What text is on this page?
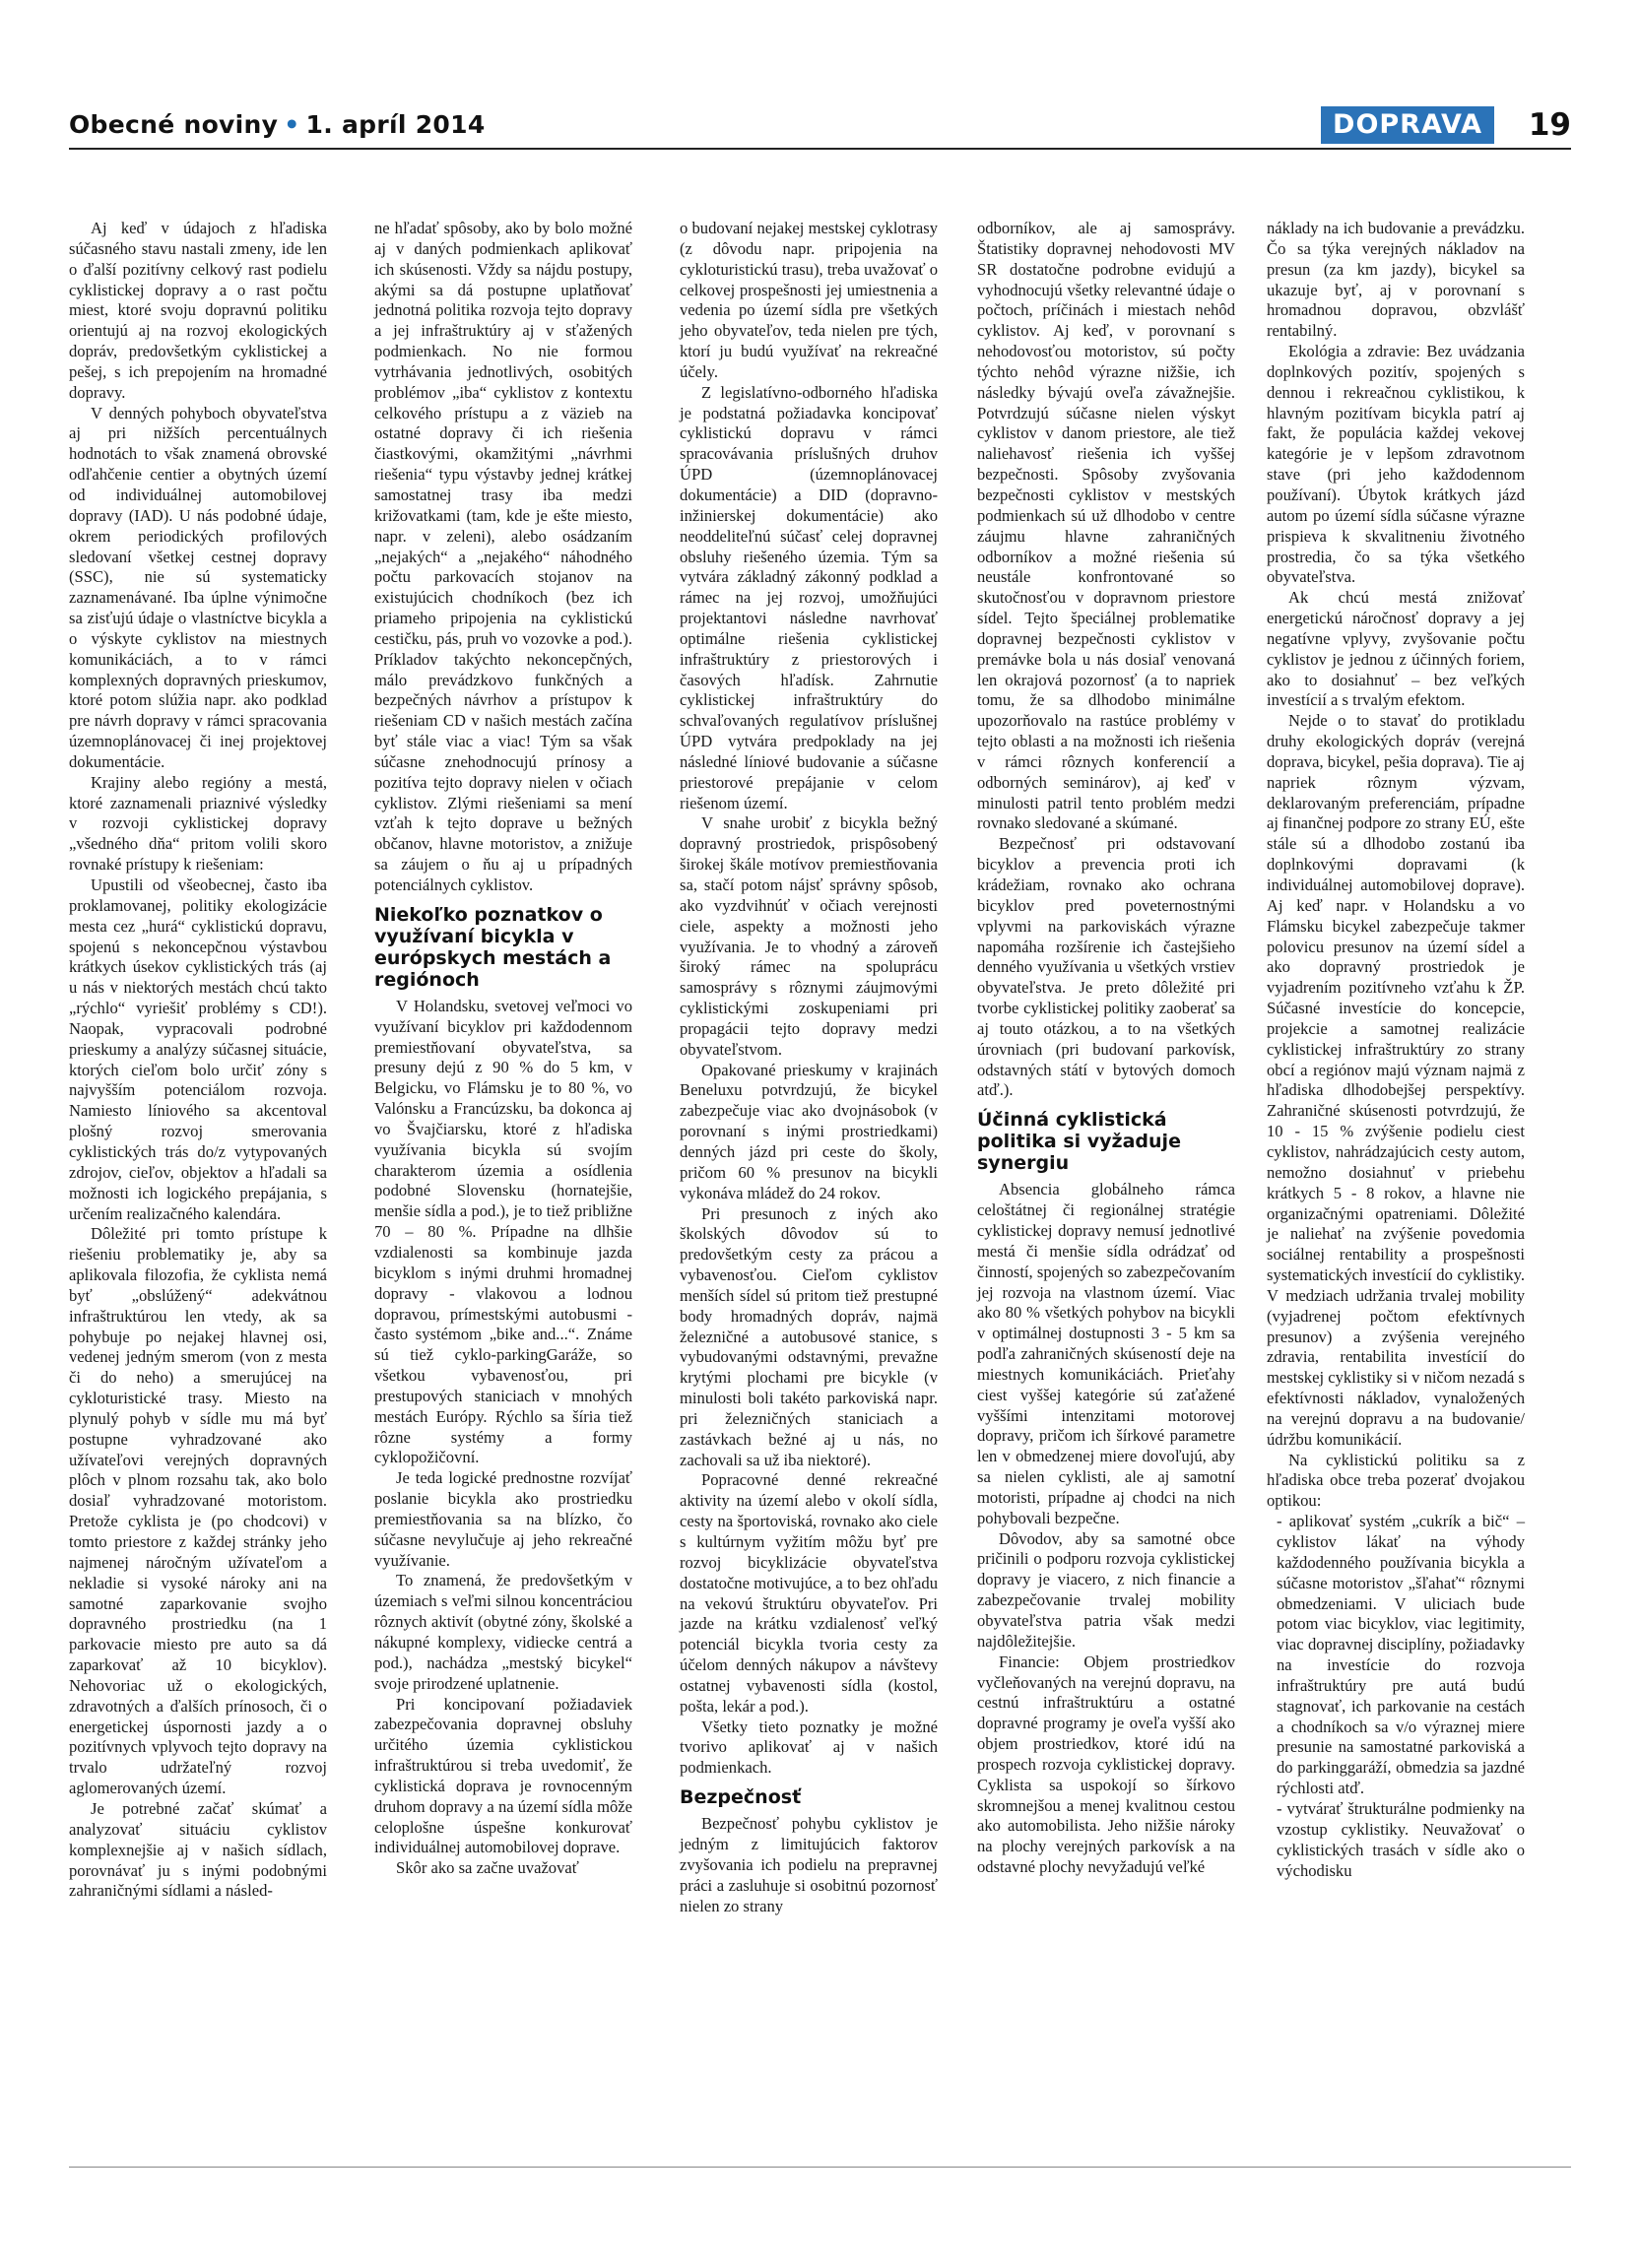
Obecné noviny • 1. apríl 2014	DOPRAVA	19

Aj keď v údajoch z hľadiska súčasného stavu nastali zmeny, ide len o ďalší pozitívny celkový rast podielu cyklistickej dopravy a o rast počtu miest, ktoré svoju dopravnú politiku orientujú aj na rozvoj ekologických dopráv, predovšetkým cyklistickej a pešej, s ich prepojením na hromadné dopravy.

V denných pohyboch obyvateľstva aj pri nižších percentuálnych hodnotách to však znamená obrovské odľahčenie centier a obytných území od individuálnej automobilovej dopravy (IAD). U nás podobné údaje, okrem periodických profilových sledovaní všetkej cestnej dopravy (SSC), nie sú systematicky zaznamenávané. Iba úplne výnimočne sa zisťujú údaje o vlastníctve bicykla a o výskyte cyklistov na miestnych komunikáciách, a to v rámci komplexných dopravných prieskumov, ktoré potom slúžia napr. ako podklad pre návrh dopravy v rámci spracovania územnoplánovacej či inej projektovej dokumentácie.

Krajiny alebo regióny a mestá, ktoré zaznamenali priaznivé výsledky v rozvoji cyklistickej dopravy „všedného dňa“ pritom volili skoro rovnaké prístupy k riešeniam:

Upustili od všeobecnej, často iba proklamovanej, politiky ekologizácie mesta cez „hurá“ cyklistickú dopravu, spojenú s nekoncepčnou výstavbou krátkych úsekov cyklistických trás (aj u nás v niektorých mestách chcú takto „rýchlo“ vyriešiť problémy s CD!). Naopak, vypracovali podrobné prieskumy a analýzy súčasnej situácie, ktorých cieľom bolo určiť zóny s najvyšším potenciálom rozvoja. Namiesto líniového sa akcentoval plošný rozvoj smerovania cyklistických trás do/z vytypovaných zdrojov, cieľov, objektov a hľadali sa možnosti ich logického prepájania, s určením realizačného kalendára.

Dôležité pri tomto prístupe k riešeniu problematiky je, aby sa aplikovala filozofia, že cyklista nemá byť „obslúžený“ adekvátnou infraštruktúrou len vtedy, ak sa pohybuje po nejakej hlavnej osi, vedenej jedným smerom (von z mesta či do neho) a smerujúcej na cykloturistické trasy. Miesto na plynulý pohyb v sídle mu má byť postupne vyhradzované ako užívateľovi verejných dopravných plôch v plnom rozsahu tak, ako bolo dosiaľ vyhradzované motoristom. Pretože cyklista je (po chodcovi) v tomto priestore z každej stránky jeho najmenej náročným užívateľom a nekladie si vysoké nároky ani na samotné zaparkovanie svojho dopravného prostriedku (na 1 parkovacie miesto pre auto sa dá zaparkovať až 10 bicyklov). Nehovoriac už o ekologických, zdravotných a ďalších prínosoch, či o energetickej úspornosti jazdy a o pozitívnych vplyvoch tejto dopravy na trvalo udržateľný rozvoj aglomerovaných území.

Je potrebné začať skúmať a analyzovať situáciu cyklistov komplexnejšie aj v našich sídlach, porovnávať ju s inými podobnými zahraničnými sídlami a násled-

ne hľadať spôsoby, ako by bolo možné aj v daných podmienkach aplikovať ich skúsenosti. Vždy sa nájdu postupy, akými sa dá postupne uplatňovať jednotná politika rozvoja tejto dopravy a jej infraštruktúry aj v sťažených podmienkach. No nie formou vytrhávania jednotlivých, osobitých problémov „iba“ cyklistov z kontextu celkového prístupu a z väzieb na ostatné dopravy či ich riešenia čiastkovými, okamžitými „návrhmi riešenia“ typu výstavby jednej krátkej samostatnej trasy iba medzi križovatkami (tam, kde je ešte miesto, napr. v zeleni), alebo osádzaním „nejakých“ a „nejakého“ náhodného počtu parkovacích stojanov na existujúcich chodníkoch (bez ich priameho pripojenia na cyklistickú cestičku, pás, pruh vo vozovke a pod.). Príkladov takýchto nekoncepčných, málo prevádzkovo funkčných a bezpečných návrhov a prístupov k riešeniam CD v našich mestách začína byť stále viac a viac! Tým sa však súčasne znehodnocujú prínosy a pozitíva tejto dopravy nielen v očiach cyklistov. Zlými riešeniami sa mení vzťah k tejto doprave u bežných občanov, hlavne motoristov, a znižuje sa záujem o ňu aj u prípadných potenciálnych cyklistov.

Niekoľko poznatkov o využívaní bicykla v európskych mestách a regiónoch

V Holandsku, svetovej veľmoci vo využívaní bicyklov pri každodennom premiestňovaní obyvateľstva, sa presuny dejú z 90 % do 5 km, v Belgicku, vo Flámsku je to 80 %, vo Valónsku a Francúzsku, ba dokonca aj vo Švajčiarsku, ktoré z hľadiska využívania bicykla sú svojím charakterom územia a osídlenia podobné Slovensku (hornatejšie, menšie sídla a pod.), je to tiež približne 70 – 80 %. Prípadne na dlhšie vzdialenosti sa kombinuje jazda bicyklom s inými druhmi hromadnej dopravy - vlakovou a lodnou dopravou, prímestskými autobusmi - často systémom „bike and...“. Známe sú tiež cyklo-parkingGaráže, so všetkou vybavenosťou, pri prestupových staniciach v mnohých mestách Európy. Rýchlo sa šíria tiež rôzne systémy a formy cyklopožičovní.

Je teda logické prednostne rozvíjať poslanie bicykla ako prostriedku premiestňovania sa na blízko, čo súčasne nevylučuje aj jeho rekreačné využívanie.

To znamená, že predovšetkým v územiach s veľmi silnou koncentráciou rôznych aktivít (obytné zóny, školské a nákupné komplexy, vidiecke centrá a pod.), nachádza „mestský bicykel“ svoje prirodzené uplatnenie.

Pri koncipovaní požiadaviek zabezpečovania dopravnej obsluhy určitého územia cyklistickou infraštruktúrou si treba uvedomiť, že cyklistická doprava je rovnocenným druhom dopravy a na území sídla môže celoplošne úspešne konkurovať individuálnej automobilovej doprave.

Skôr ako sa začne uvažovať

o budovaní nejakej mestskej cyklotrasy (z dôvodu napr. pripojenia na cykloturistickú trasu), treba uvažovať o celkovej prospešnosti jej umiestnenia a vedenia po území sídla pre všetkých jeho obyvateľov, teda nielen pre tých, ktorí ju budú využívať na rekreačné účely.

Z legislatívno-odborného hľadiska je podstatná požiadavka koncipovať cyklistickú dopravu v rámci spracovávania príslušných druhov ÚPD (územnoplánovacej dokumentácie) a DID (dopravno-inžinierskej dokumentácie) ako neoddeliteľnú súčasť celej dopravnej obsluhy riešeného územia. Tým sa vytvára základný zákonný podklad a rámec na jej rozvoj, umožňujúci projektantovi následne navrhovať optimálne riešenia cyklistickej infraštruktúry z priestorových i časových hľadísk. Zahrnutie cyklistickej infraštruktúry do schvaľovaných regulatívov príslušnej ÚPD vytvára predpoklady na jej následné líniové budovanie a súčasne priestorové prepájanie v celom riešenom území.

V snahe urobiť z bicykla bežný dopravný prostriedok, prispôsobený širokej škále motívov premiestňovania sa, stačí potom nájsť správny spôsob, ako vyzdvihnúť v očiach verejnosti ciele, aspekty a možnosti jeho využívania. Je to vhodný a zároveň široký rámec na spoluprácu samosprávy s rôznymi záujmovými cyklistickými zoskupeniami pri propagácii tejto dopravy medzi obyvateľstvom.

Opakované prieskumy v krajinách Beneluxu potvrdzujú, že bicykel zabezpečuje viac ako dvojnásobok (v porovnaní s inými prostriedkami) denných jázd pri ceste do školy, pričom 60 % presunov na bicykli vykonáva mládež do 24 rokov.

Pri presunoch z iných ako školských dôvodov sú to predovšetkým cesty za prácou a vybavenosťou. Cieľom cyklistov menších sídel sú pritom tiež prestupné body hromadných dopráv, najmä železničné a autobusové stanice, s vybudovanými odstavnými, prevažne krytými plochami pre bicykle (v minulosti boli takéto parkoviská napr. pri železničných staniciach a zastávkach bežné aj u nás, no zachovali sa už iba niektoré).

Popracovné denné rekreačné aktivity na území alebo v okolí sídla, cesty na športoviská, rovnako ako ciele s kultúrnym vyžitím môžu byť pre rozvoj bicyklizácie obyvateľstva dostatočne motivujúce, a to bez ohľadu na vekovú štruktúru obyvateľov. Pri jazde na krátku vzdialenosť veľký potenciál bicykla tvoria cesty za účelom denných nákupov a návštevy ostatnej vybavenosti sídla (kostol, pošta, lekár a pod.).

Všetky tieto poznatky je možné tvorivo aplikovať aj v našich podmienkach.

Bezpečnosť

Bezpečnosť pohybu cyklistov je jedným z limitujúcich faktorov zvyšovania ich podielu na prepravnej práci a zasluhuje si osobitnú pozornosť nielen zo strany

odborníkov, ale aj samosprávy. Štatistiky dopravnej nehodovosti MV SR dostatočne podrobne evidujú a vyhodnocujú všetky relevantné údaje o počtoch, príčinách i miestach nehôd cyklistov. Aj keď, v porovnaní s nehodovosťou motoristov, sú počty týchto nehôd výrazne nižšie, ich následky bývajú oveľa závažnejšie. Potvrdzujú súčasne nielen výskyt cyklistov v danom priestore, ale tiež naliehavosť riešenia ich vyššej bezpečnosti. Spôsoby zvyšovania bezpečnosti cyklistov v mestských podmienkach sú už dlhodobo v centre záujmu hlavne zahraničných odborníkov a možné riešenia sú neustále konfrontované so skutočnosťou v dopravnom priestore sídel. Tejto špeciálnej problematike dopravnej bezpečnosti cyklistov v premávke bola u nás dosiaľ venovaná len okrajová pozornosť (a to napriek tomu, že sa dlhodobo minimálne upozorňovalo na rastúce problémy v tejto oblasti a na možnosti ich riešenia v rámci rôznych konferencií a odborných seminárov), aj keď v minulosti patril tento problém medzi rovnako sledované a skúmané.

Bezpečnosť pri odstavovaní bicyklov a prevencia proti ich krádežiam, rovnako ako ochrana bicyklov pred poveternostnými vplyvmi na parkoviskách výrazne napomáha rozšírenie ich častejšieho denného využívania u všetkých vrstiev obyvateľstva. Je preto dôležité pri tvorbe cyklistickej politiky zaoberať sa aj touto otázkou, a to na všetkých úrovniach (pri budovaní parkovísk, odstavných státí v bytových domoch atď.).

Účinná cyklistická politika si vyžaduje synergiu

Absencia globálneho rámca celoštátnej či regionálnej stratégie cyklistickej dopravy nemusí jednotlivé mestá či menšie sídla odrádzať od činností, spojených so zabezpečovaním jej rozvoja na vlastnom území. Viac ako 80 % všetkých pohybov na bicykli v optimálnej dostupnosti 3 - 5 km sa podľa zahraničných skúseností deje na miestnych komunikáciách. Prieťahy ciest vyššej kategórie sú zaťažené vyššími intenzitami motorovej dopravy, pričom ich šírkové parametre len v obmedzenej miere dovoľujú, aby sa nielen cyklisti, ale aj samotní motoristi, prípadne aj chodci na nich pohybovali bezpečne.

Dôvodov, aby sa samotné obce pričinili o podporu rozvoja cyklistickej dopravy je viacero, z nich financie a zabezpečovanie trvalej mobility obyvateľstva patria však medzi najdôležitejšie.

Financie: Objem prostriedkov vyčleňovaných na verejnú dopravu, na cestnú infraštruktúru a ostatné dopravné programy je oveľa vyšší ako objem prostriedkov, ktoré idú na prospech rozvoja cyklistickej dopravy. Cyklista sa uspokojí so šírkovo skromnejšou a menej kvalitnou cestou ako automobilista. Jeho nižšie nároky na plochy verejných parkovísk a na odstavné plochy nevyžadujú veľké

náklady na ich budovanie a prevádzku. Čo sa týka verejných nákladov na presun (za km jazdy), bicykel sa ukazuje byť, aj v porovnaní s hromadnou dopravou, obzvlášť rentabilný.

Ekológia a zdravie: Bez uvádzania doplnkových pozitív, spojených s dennou i rekreačnou cyklistikou, k hlavným pozitívam bicykla patrí aj fakt, že populácia každej vekovej kategórie je v lepšom zdravotnom stave (pri jeho každodennom používaní). Úbytok krátkych jázd autom po území sídla súčasne výrazne prispieva k skvalitneniu životného prostredia, čo sa týka všetkého obyvateľstva.

Ak chcú mestá znižovať energetickú náročnosť dopravy a jej negatívne vplyvy, zvyšovanie počtu cyklistov je jednou z účinných foriem, ako to dosiahnuť – bez veľkých investícií a s trvalým efektom.

Nejde o to stavať do protikladu druhy ekologických dopráv (verejná doprava, bicykel, pešia doprava). Tie aj napriek rôznym výzvam, deklarovaným preferenciám, prípadne aj finančnej podpore zo strany EÚ, ešte stále sú a dlhodobo zostanú iba doplnkovými dopravami (k individuálnej automobilovej doprave). Aj keď napr. v Holandsku a vo Flámsku bicykel zabezpečuje takmer polovicu presunov na území sídel a ako dopravný prostriedok je vyjadrením pozitívneho vzťahu k ŽP. Súčasné investície do koncepcie, projekcie a samotnej realizácie cyklistickej infraštruktúry zo strany obcí a regiónov majú význam najmä z hľadiska dlhodobejšej perspektívy. Zahraničné skúsenosti potvrdzujú, že 10 - 15 % zvýšenie podielu ciest cyklistov, nahrádzajúcich cesty autom, nemožno dosiahnuť v priebehu krátkych 5 - 8 rokov, a hlavne nie organizačnými opatreniami. Dôležité je naliehať na zvýšenie povedomia sociálnej rentability a prospešnosti systematických investícií do cyklistiky. V medziach udržania trvalej mobility (vyjadrenej počtom efektívnych presunov) a zvýšenia verejného zdravia, rentabilita investícií do mestskej cyklistiky si v ničom nezadá s efektívnosti nákladov, vynaložených na verejnú dopravu a na budovanie/údržbu komunikácií.

Na cyklistickú politiku sa z hľadiska obce treba pozerať dvojakou optikou:

- aplikovať systém „cukrík a bič“ – cyklistov lákať na výhody každodenného používania bicykla a súčasne motoristov „šľahať“ rôznymi obmedzeniami. V uliciach bude potom viac bicyklov, viac legitimity, viac dopravnej disciplíny, požiadavky na investície do rozvoja infraštruktúry pre autá budú stagnovať, ich parkovanie na cestách a chodníkoch sa v/o výraznej miere presunie na samostatné parkoviská a do parkinggaráží, obmedzia sa jazdné rýchlosti atď.

- vytvárať štrukturálne podmienky na vzostup cyklistiky. Neuvažovať o cyklistických trasách v sídle ako o východisku
